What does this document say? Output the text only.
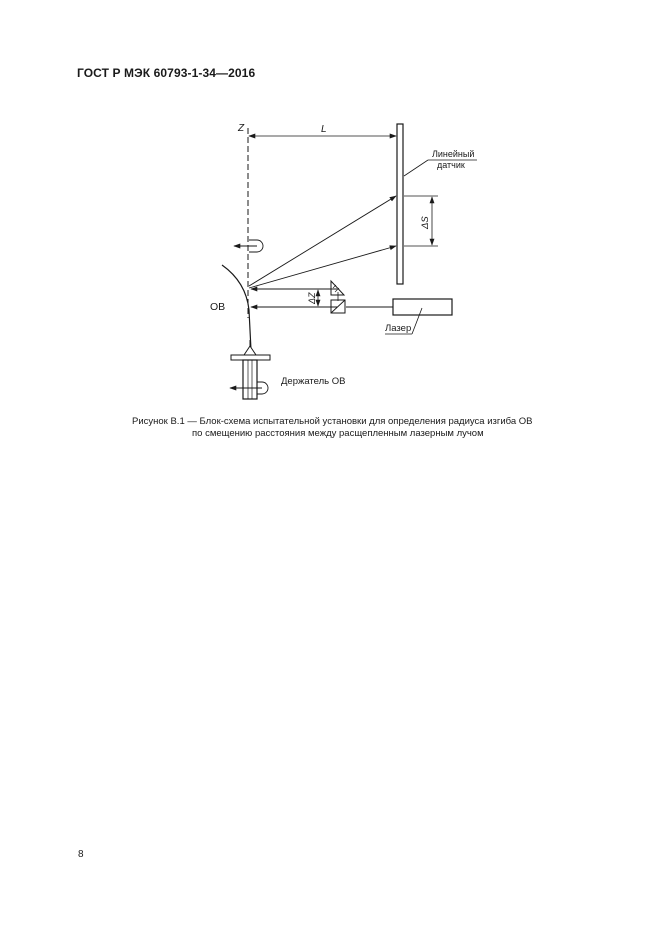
ГОСТ Р МЭК 60793-1-34—2016
Z	L
Линейный
датчик
ΔS
ОВ
ΔZ
Лазер
Держатель ОВ
Рисунок В.1 — Блок-схема испытательной установки для определения радиуса изгиба ОВ
по смещению расстояния между расщепленным лазерным лучом
8
